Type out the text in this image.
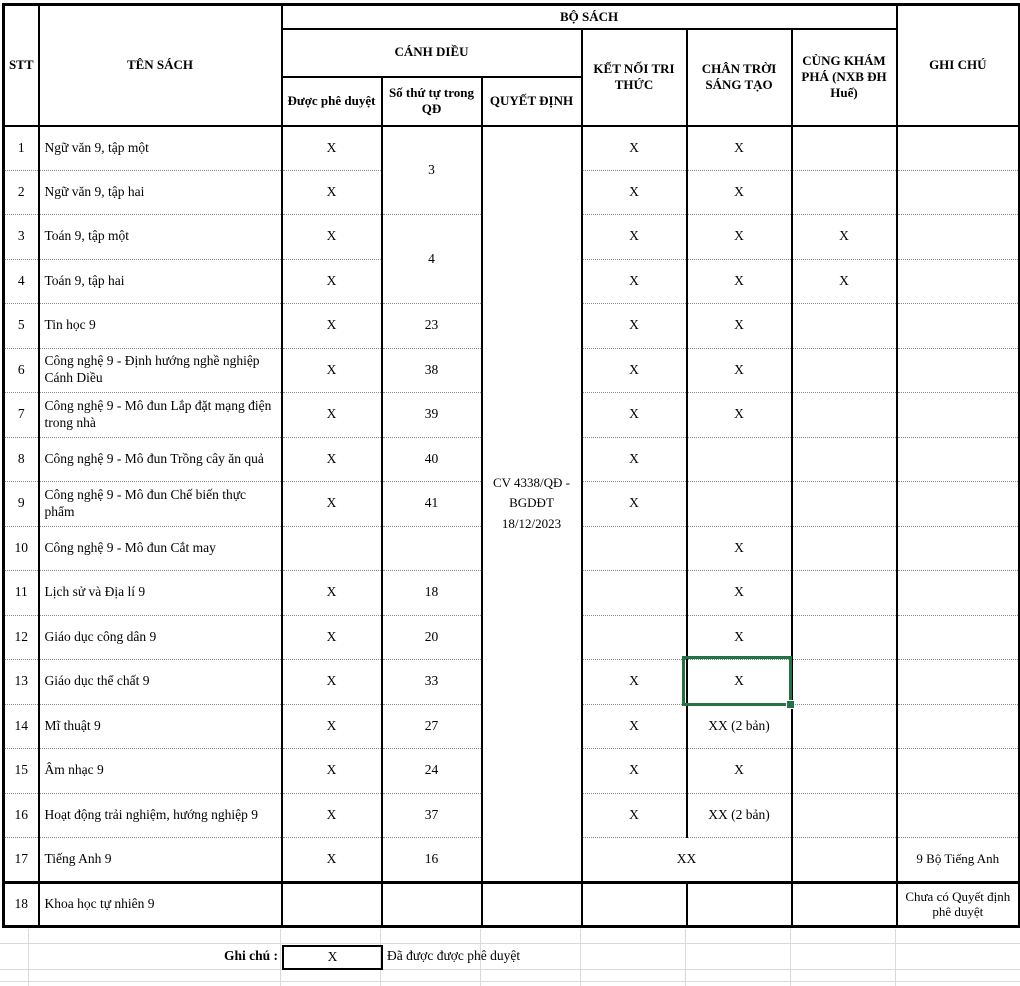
STT	TÊN SÁCH	BỘ SÁCH						GHI CHÚ
		CÁNH DIỀU			KẾT NỐI TRI THỨC	CHÂN TRỜI SÁNG TẠO	CÙNG KHÁM PHÁ (NXB ĐH Huế)	
		Được phê duyệt	Số thứ tự trong QĐ	QUYẾT ĐỊNH				
1	Ngữ văn 9, tập một	X	3	CV 4338/QĐ - BGDĐT 18/12/2023	X	X		
2	Ngữ văn 9, tập hai	X			X	X		
3	Toán 9, tập một	X	4		X	X	X	
4	Toán 9, tập hai	X			X	X	X	
5	Tin học 9	X	23		X	X		
6	Công nghệ 9 - Định hướng nghề nghiệp Cánh Diều	X	38		X	X		
7	Công nghệ 9 - Mô đun Lắp đặt mạng điện trong nhà	X	39		X	X		
8	Công nghệ 9 - Mô đun Trồng cây ăn quả	X	40		X			
9	Công nghệ 9 - Mô đun Chế biến thực phẩm	X	41		X			
10	Công nghệ 9 - Mô đun Cắt may					X		
11	Lịch sử và Địa lí 9	X	18			X		
12	Giáo dục công dân 9	X	20			X		
13	Giáo dục thể chất 9	X	33		X	X		
14	Mĩ thuật 9	X	27		X	XX (2 bản)		
15	Âm nhạc 9	X	24		X	X		
16	Hoạt động trải nghiệm, hướng nghiệp 9	X	37		X	XX (2 bản)		
17	Tiếng Anh 9	X	16		XX			9 Bộ Tiếng Anh
18	Khoa học tự nhiên 9							Chưa có Quyết định phê duyệt
Ghi chú :	X	Đã được được phê duyệt
